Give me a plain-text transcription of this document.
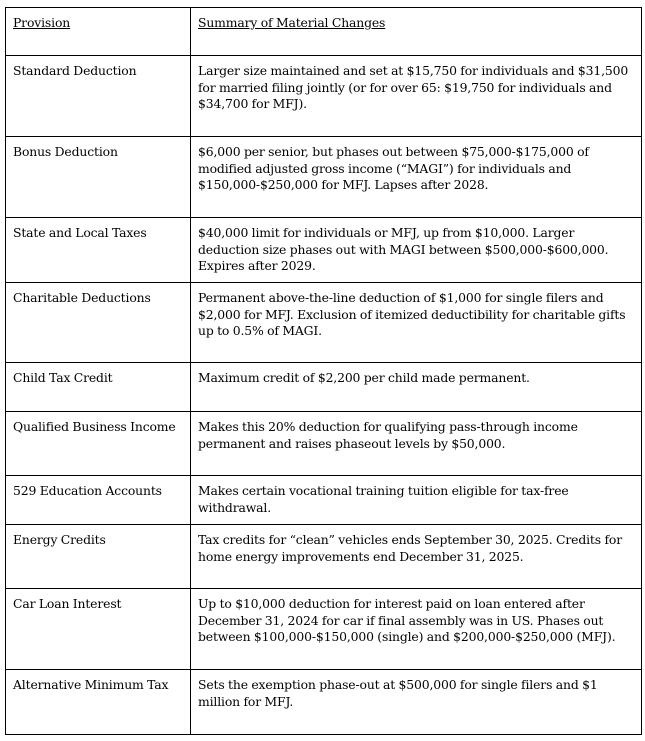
Provision	Summary of Material Changes

Standard Deduction	Larger size maintained and set at $15,750 for individuals and $31,500 for married filing jointly (or for over 65: $19,750 for individuals and $34,700 for MFJ).

Bonus Deduction	$6,000 per senior, but phases out between $75,000-$175,000 of modified adjusted gross income (“MAGI”) for individuals and $150,000-$250,000 for MFJ. Lapses after 2028.

State and Local Taxes	$40,000 limit for individuals or MFJ, up from $10,000. Larger deduction size phases out with MAGI between $500,000-$600,000. Expires after 2029.

Charitable Deductions	Permanent above-the-line deduction of $1,000 for single filers and $2,000 for MFJ. Exclusion of itemized deductibility for charitable gifts up to 0.5% of MAGI.

Child Tax Credit	Maximum credit of $2,200 per child made permanent.

Qualified Business Income	Makes this 20% deduction for qualifying pass-through income permanent and raises phaseout levels by $50,000.

529 Education Accounts	Makes certain vocational training tuition eligible for tax-free withdrawal.

Energy Credits	Tax credits for “clean” vehicles ends September 30, 2025. Credits for home energy improvements end December 31, 2025.

Car Loan Interest	Up to $10,000 deduction for interest paid on loan entered after December 31, 2024 for car if final assembly was in US. Phases out between $100,000-$150,000 (single) and $200,000-$250,000 (MFJ).

Alternative Minimum Tax	Sets the exemption phase-out at $500,000 for single filers and $1 million for MFJ.
